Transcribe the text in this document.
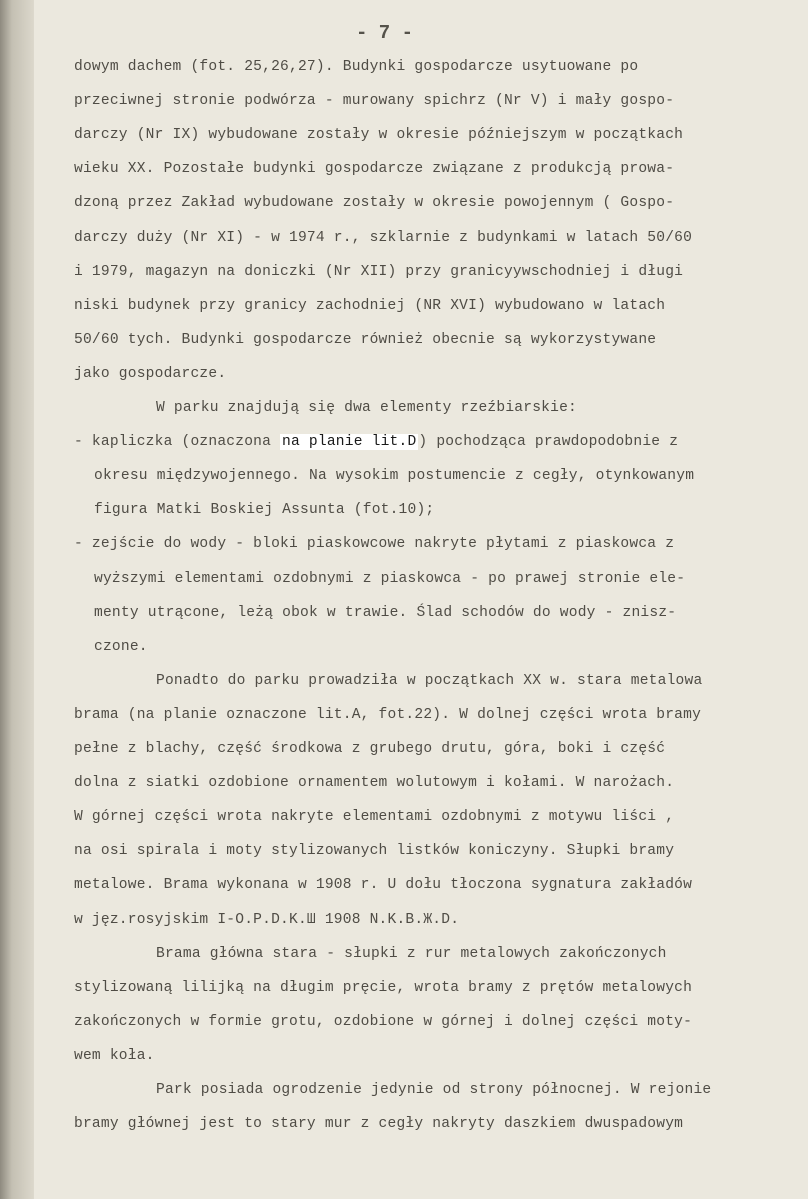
- 7 -
dowym dachem (fot. 25,26,27). Budynki gospodarcze usytuowane po
przeciwnej stronie podwórza - murowany spichrz (Nr V) i mały gospo-
darczy (Nr IX) wybudowane zostały w okresie późniejszym w początkach
wieku XX. Pozostałe budynki gospodarcze związane z produkcją prowa-
dzoną przez Zakład wybudowane zostały w okresie powojennym ( Gospo-
darczy duży (Nr XI) - w 1974 r., szklarnie z budynkami w latach 50/60
i 1979, magazyn na doniczki (Nr XII) przy granicyywschodniej i długi
niski budynek przy granicy zachodniej (NR XVI) wybudowano w latach
50/60 tych. Budynki gospodarcze również obecnie są wykorzystywane
jako gospodarcze.
W parku znajdują się dwa elementy rzeźbiarskie:
- kapliczka (oznaczona na planie lit.D ) pochodząca prawdopodobnie z
okresu międzywojennego. Na wysokim postumencie z cegły, otynkowanym
figura Matki Boskiej Assunta (fot.10);
- zejście do wody - bloki piaskowcowe nakryte płytami z piaskowca z
wyższymi elementami ozdobnymi z piaskowca - po prawej stronie ele-
menty utrącone, leżą obok w trawie. Ślad schodów do wody - znisz-
czone.
Ponadto do parku prowadziła w początkach XX w. stara metalowa
brama (na planie oznaczone lit.A, fot.22). W dolnej części wrota bramy
pełne z blachy, część środkowa z grubego drutu, góra, boki i część
dolna z siatki ozdobione ornamentem wolutowym i kołami. W narożach.
W górnej części wrota nakryte elementami ozdobnymi z motywu liści ,
na osi spirala i moty stylizowanych listków koniczyny. Słupki bramy
metalowe. Brama wykonana w 1908 r. U dołu tłoczona sygnatura zakładów
w jęz.rosyjskim I-O.P.D.K.Ш 1908 N.K.B.Ж.D.
Brama główna stara - słupki z rur metalowych zakończonych
stylizowaną lilijką na długim pręcie, wrota bramy z prętów metalowych
zakończonych w formie grotu, ozdobione w górnej i dolnej części moty-
wem koła.
Park posiada ogrodzenie jedynie od strony północnej. W rejonie
bramy głównej jest to stary mur z cegły nakryty daszkiem dwuspadowym
